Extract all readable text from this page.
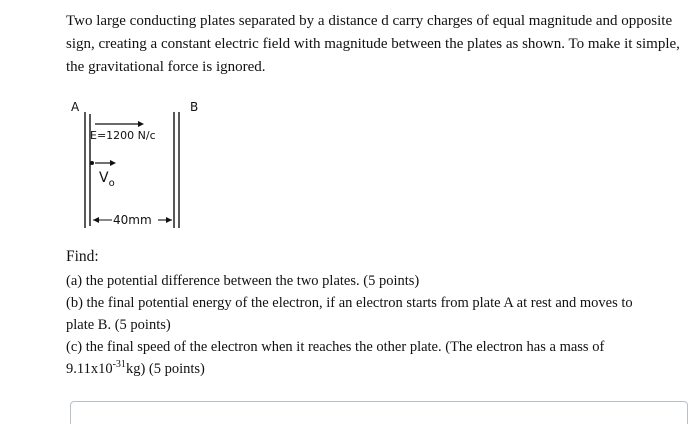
Two large conducting plates separated by a distance d carry charges of equal magnitude and opposite
sign, creating a constant electric field with magnitude between the plates as shown. To make it simple,
the gravitational force is ignored.
A	B
E=1200 N/c
$V_o$
40mm
Find:
(a) the potential difference between the two plates. (5 points)
(b) the final potential energy of the electron, if an electron starts from plate A at rest and moves to
plate B. (5 points)
(c) the final speed of the electron when it reaches the other plate. (The electron has a mass of
$9.11x10^{-31}kg$) (5 points)
